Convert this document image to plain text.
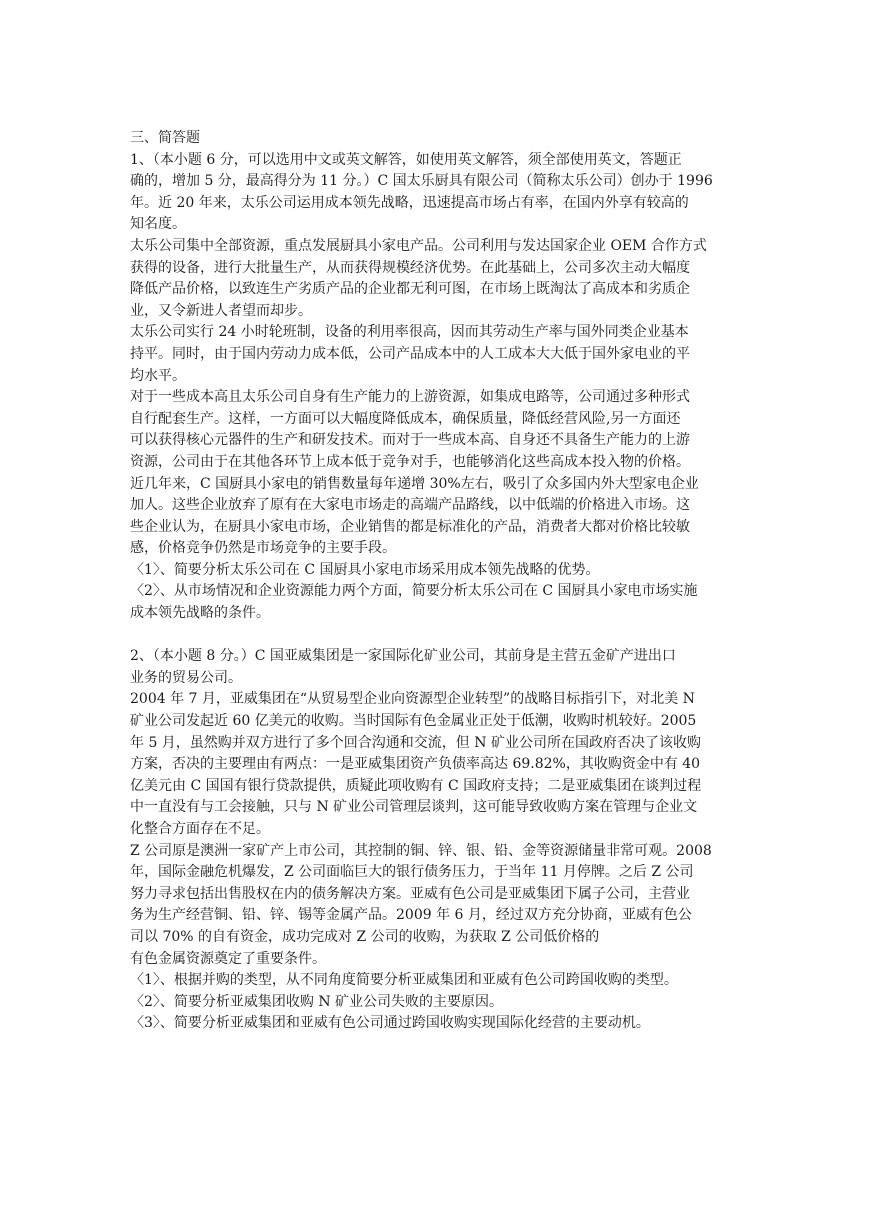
三、简答题
1、（本小题 6 分，可以选用中文或英文解答，如使用英文解答，须全部使用英文，答题正
确的，增加 5 分，最高得分为 11 分。）C 国太乐厨具有限公司（简称太乐公司）创办于 1996
年。近 20 年来，太乐公司运用成本领先战略，迅速提高市场占有率，在国内外享有较高的
知名度。
太乐公司集中全部资源，重点发展厨具小家电产品。公司利用与发达国家企业 OEM 合作方式
获得的设备，进行大批量生产，从而获得规模经济优势。在此基础上，公司多次主动大幅度
降低产品价格，以致连生产劣质产品的企业都无利可图，在市场上既淘汰了高成本和劣质企
业，又令新进人者望而却步。
太乐公司实行 24 小时轮班制，设备的利用率很高，因而其劳动生产率与国外同类企业基本
持平。同时，由于国内劳动力成本低，公司产品成本中的人工成本大大低于国外家电业的平
均水平。
对于一些成本高且太乐公司自身有生产能力的上游资源，如集成电路等，公司通过多种形式
自行配套生产。这样，一方面可以大幅度降低成本，确保质量，降低经营风险,另一方面还
可以获得核心元器件的生产和研发技术。而对于一些成本高、自身还不具备生产能力的上游
资源，公司由于在其他各环节上成本低于竞争对手，也能够消化这些高成本投入物的价格。
近几年来，C 国厨具小家电的销售数量每年递增 30%左右，吸引了众多国内外大型家电企业
加人。这些企业放弃了原有在大家电市场走的高端产品路线，以中低端的价格进入市场。这
些企业认为，在厨具小家电市场，企业销售的都是标准化的产品，消费者大都对价格比较敏
感，价格竞争仍然是市场竞争的主要手段。
〈1〉、简要分析太乐公司在 C 国厨具小家电市场采用成本领先战略的优势。
〈2〉、从市场情况和企业资源能力两个方面，简要分析太乐公司在 C 国厨具小家电市场实施
成本领先战略的条件。
2、（本小题 8 分。）C 国亚威集团是一家国际化矿业公司，其前身是主营五金矿产进出口
业务的贸易公司。
2004 年 7 月，亚威集团在“从贸易型企业向资源型企业转型”的战略目标指引下，对北美 N
矿业公司发起近 60 亿美元的收购。当时国际有色金属业正处于低潮，收购时机较好。2005
年 5 月，虽然购并双方进行了多个回合沟通和交流，但 N 矿业公司所在国政府否决了该收购
方案，否决的主要理由有两点：一是亚威集团资产负债率高达 69.82%，其收购资金中有 40
亿美元由 C 国国有银行贷款提供，质疑此项收购有 C 国政府支持；二是亚威集团在谈判过程
中一直没有与工会接触，只与 N 矿业公司管理层谈判，这可能导致收购方案在管理与企业文
化整合方面存在不足。
Z 公司原是澳洲一家矿产上市公司，其控制的铜、锌、银、铅、金等资源储量非常可观。2008
年，国际金融危机爆发，Z 公司面临巨大的银行债务压力，于当年 11 月停牌。之后 Z 公司
努力寻求包括出售股权在内的债务解决方案。亚威有色公司是亚威集团下属子公司，主营业
务为生产经营铜、铅、锌、锡等金属产品。2009 年 6 月，经过双方充分协商，亚威有色公
司以 70% 的自有资金，成功完成对 Z 公司的收购，为获取 Z 公司低价格的
有色金属资源奠定了重要条件。
〈1〉、根据并购的类型，从不同角度简要分析亚威集团和亚威有色公司跨国收购的类型。
〈2〉、简要分析亚威集团收购 N 矿业公司失败的主要原因。
〈3〉、简要分析亚威集团和亚威有色公司通过跨国收购实现国际化经营的主要动机。
